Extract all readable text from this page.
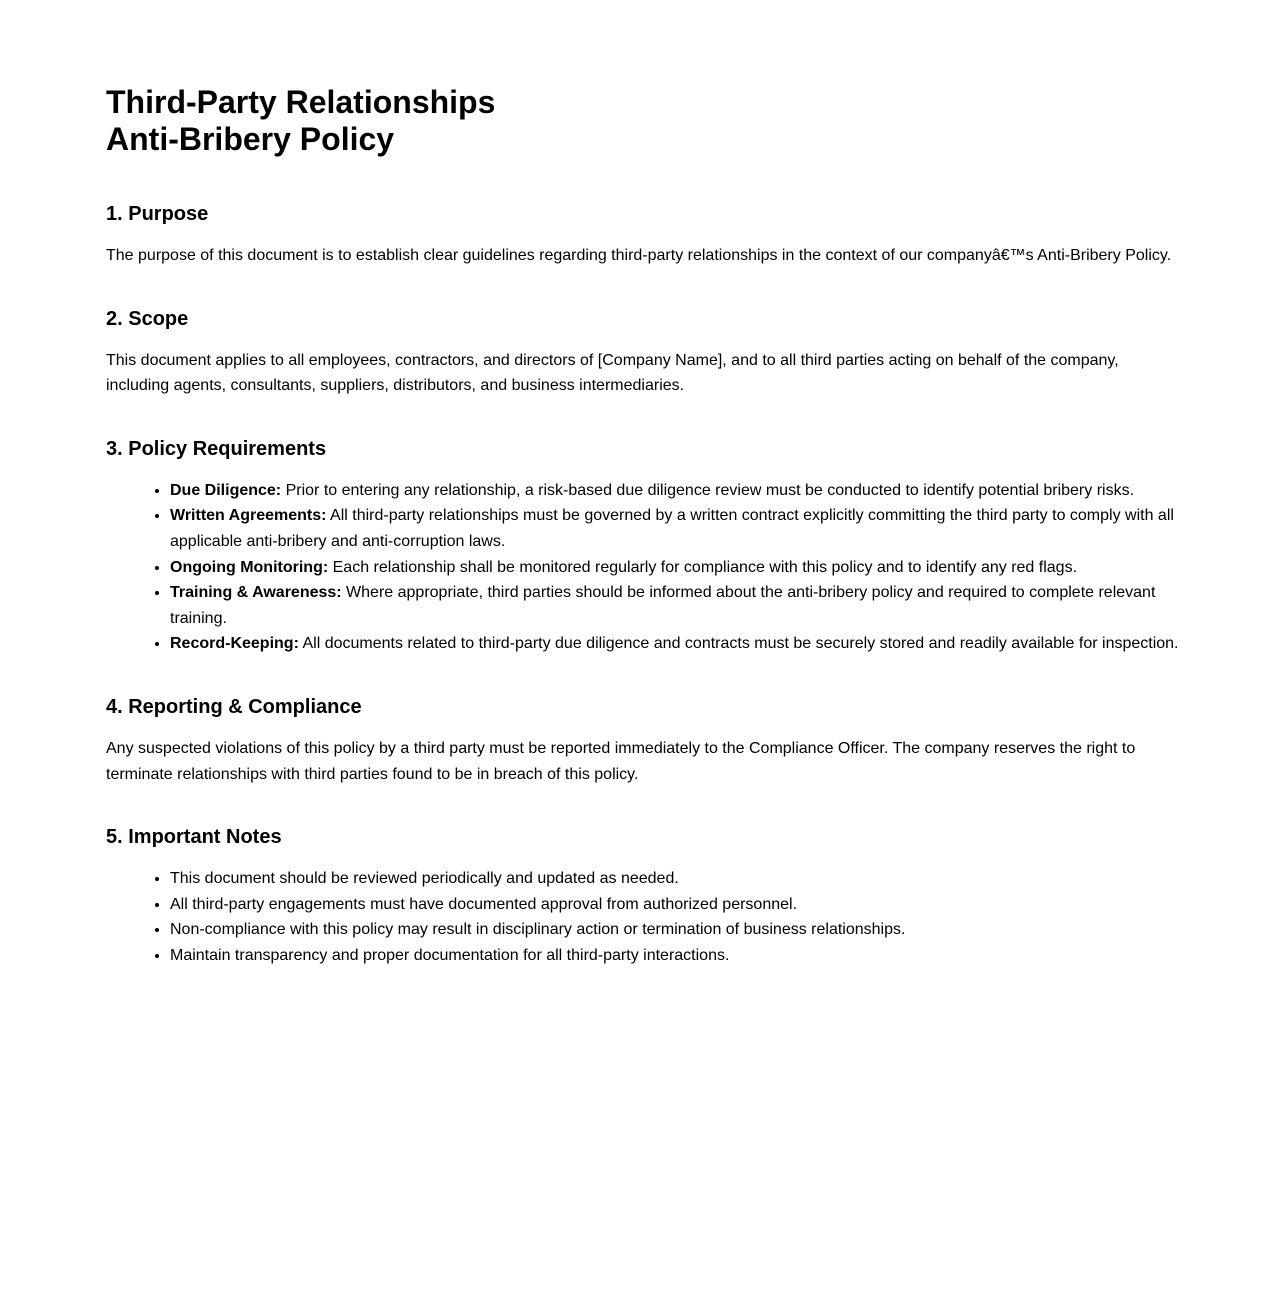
Third-Party Relationships
Anti-Bribery Policy
1. Purpose

The purpose of this document is to establish clear guidelines regarding third-party relationships in the context of our companyâ€™s Anti-Bribery Policy.

2. Scope

This document applies to all employees, contractors, and directors of [Company Name], and to all third parties acting on behalf of the company, including agents, consultants, suppliers, distributors, and business intermediaries.

3. Policy Requirements
• Due Diligence: Prior to entering any relationship, a risk-based due diligence review must be conducted to identify potential bribery risks.
• Written Agreements: All third-party relationships must be governed by a written contract explicitly committing the third party to comply with all applicable anti-bribery and anti-corruption laws.
• Ongoing Monitoring: Each relationship shall be monitored regularly for compliance with this policy and to identify any red flags.
• Training & Awareness: Where appropriate, third parties should be informed about the anti-bribery policy and required to complete relevant training.
• Record-Keeping: All documents related to third-party due diligence and contracts must be securely stored and readily available for inspection.
4. Reporting & Compliance

Any suspected violations of this policy by a third party must be reported immediately to the Compliance Officer. The company reserves the right to terminate relationships with third parties found to be in breach of this policy.

5. Important Notes
• This document should be reviewed periodically and updated as needed.
• All third-party engagements must have documented approval from authorized personnel.
• Non-compliance with this policy may result in disciplinary action or termination of business relationships.
• Maintain transparency and proper documentation for all third-party interactions.
